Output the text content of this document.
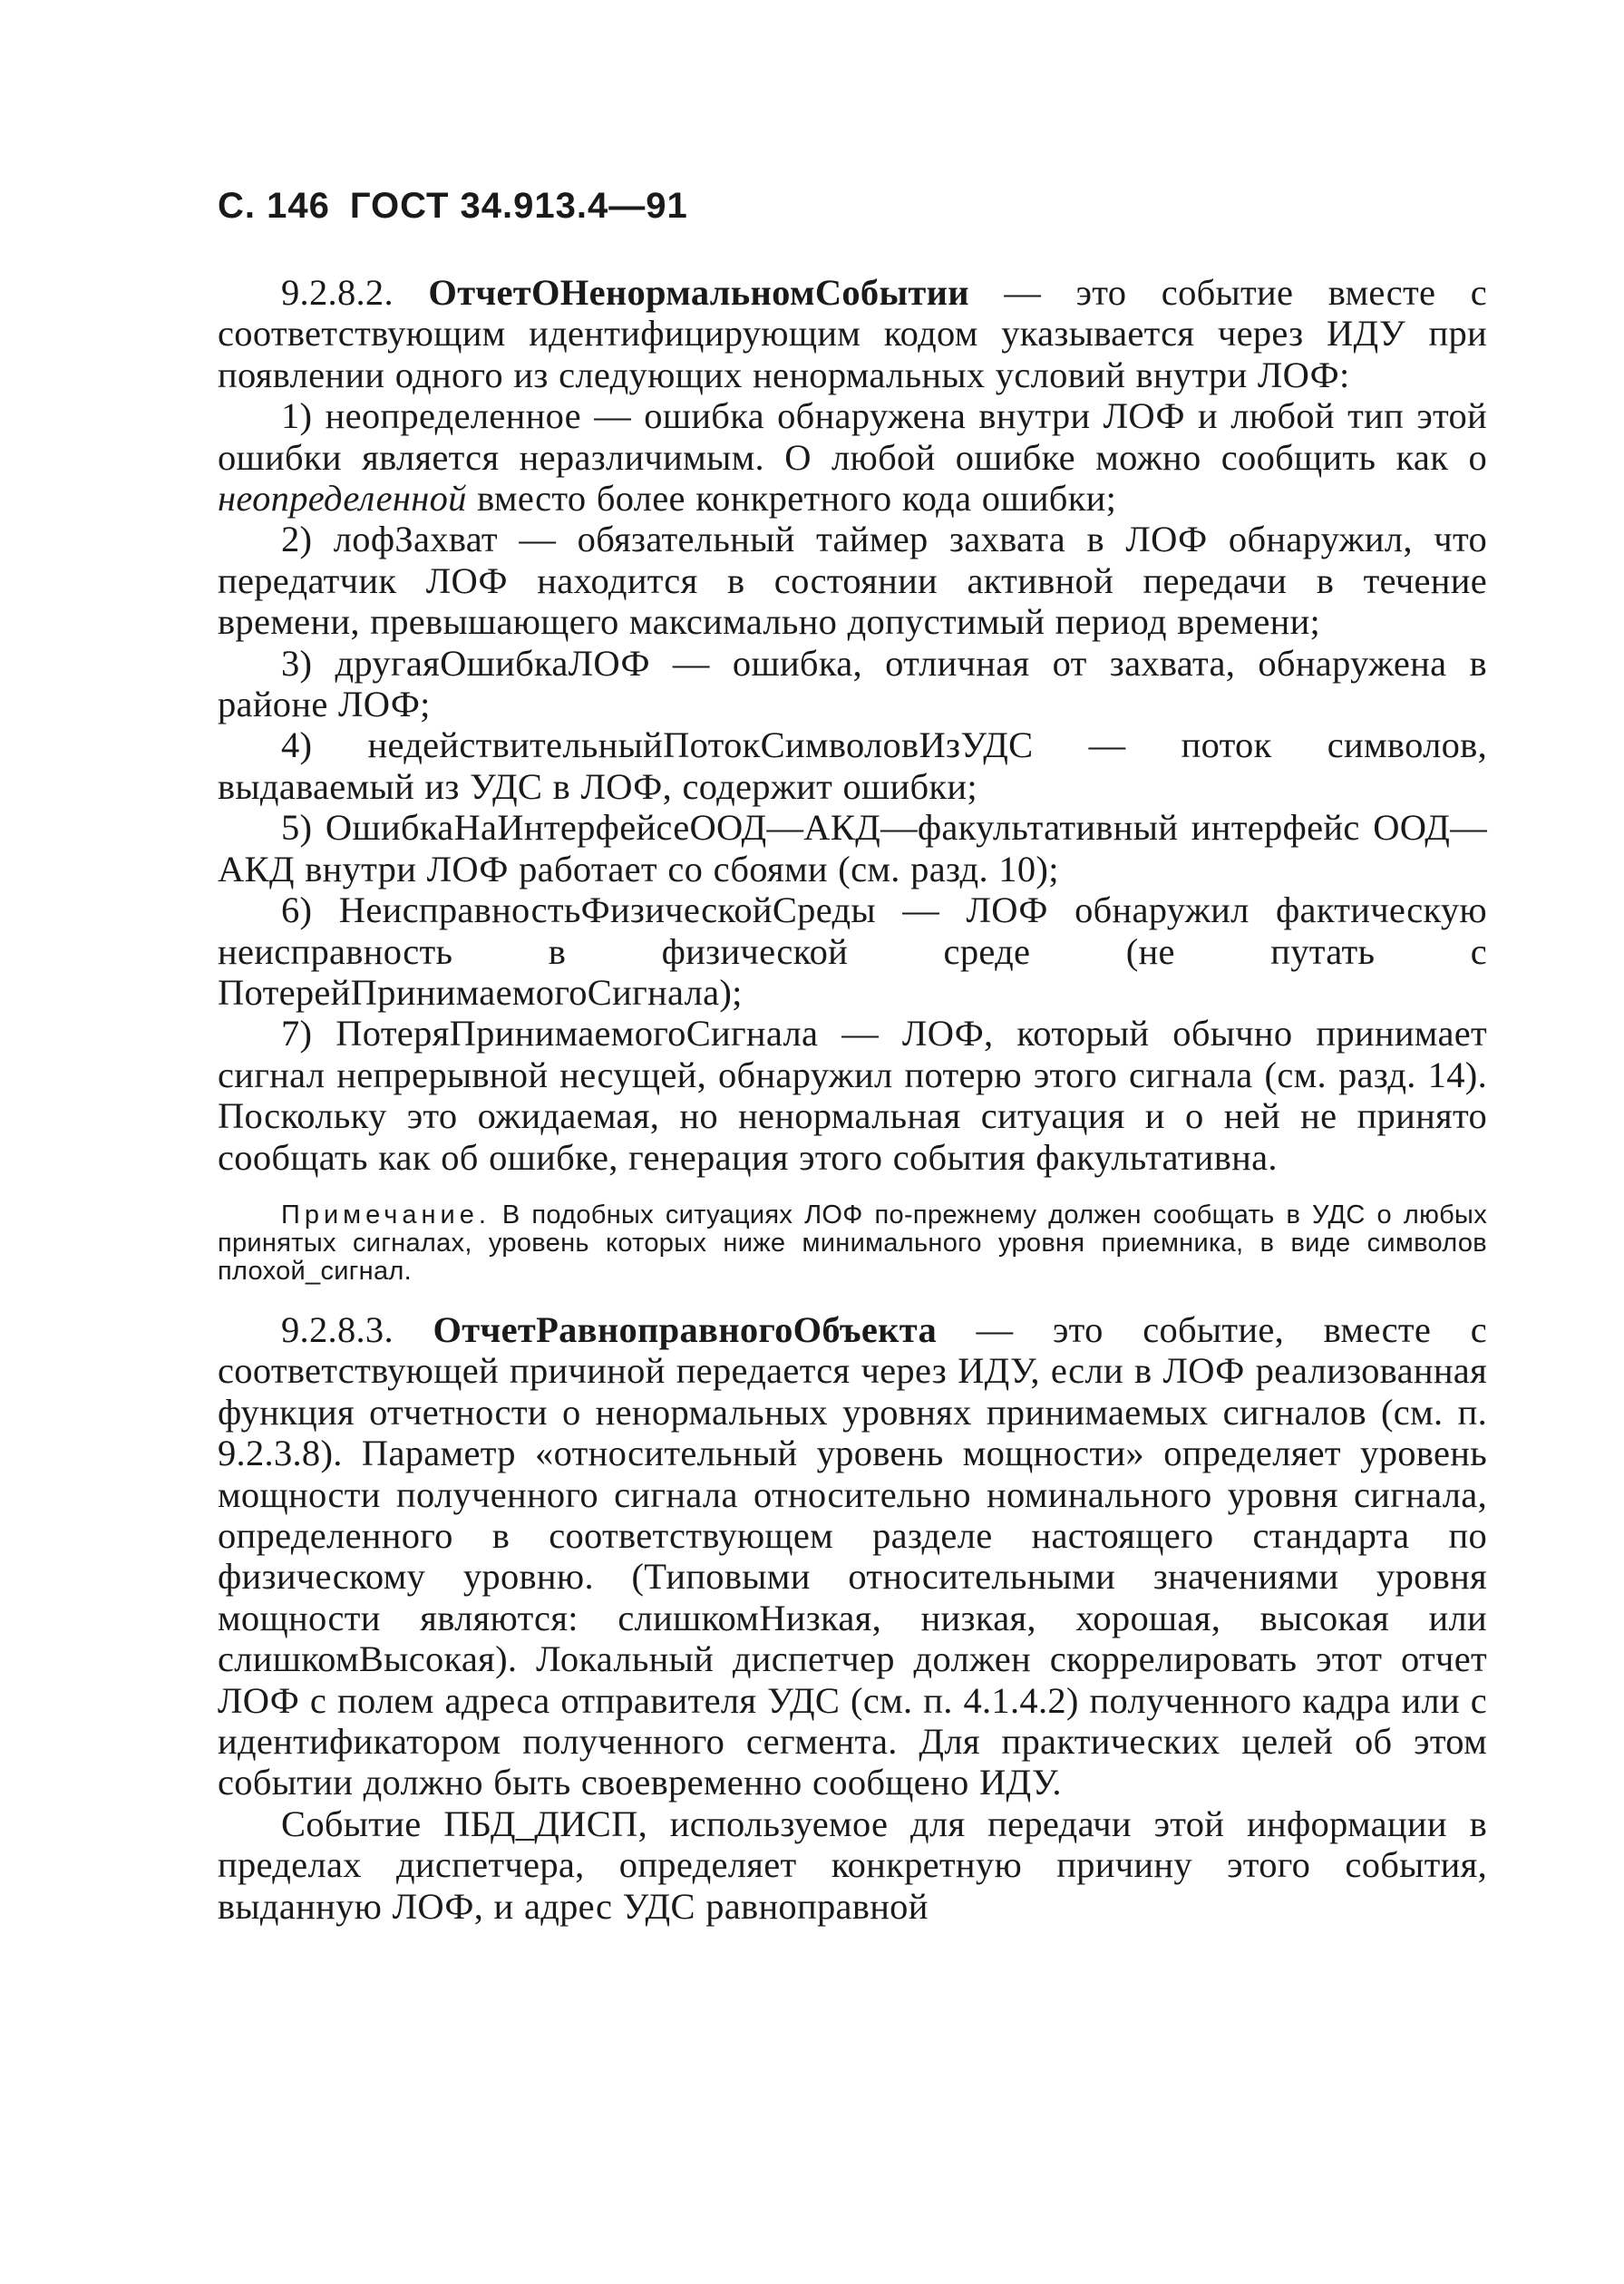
С. 146 ГОСТ 34.913.4—91

9.2.8.2. ОтчетОНенормальномСобытии — это событие вместе с соответствующим идентифицирующим кодом указывается через ИДУ при появлении одного из следующих ненормальных условий внутри ЛОФ:

1) неопределенное — ошибка обнаружена внутри ЛОФ и любой тип этой ошибки является неразличимым. О любой ошибке можно сообщить как о неопределенной вместо более конкретного кода ошибки;

2) лофЗахват — обязательный таймер захвата в ЛОФ обнаружил, что передатчик ЛОФ находится в состоянии активной передачи в течение времени, превышающего максимально допустимый период времени;

3) другаяОшибкаЛОФ — ошибка, отличная от захвата, обнаружена в районе ЛОФ;

4) недействительныйПотокСимволовИзУДС — поток символов, выдаваемый из УДС в ЛОФ, содержит ошибки;

5) ОшибкаНаИнтерфейсеООД—АКД—факультативный интерфейс ООД—АКД внутри ЛОФ работает со сбоями (см. разд. 10);

6) НеисправностьФизическойСреды — ЛОФ обнаружил фактическую неисправность в физической среде (не путать с ПотерейПринимаемогоСигнала);

7) ПотеряПринимаемогоСигнала — ЛОФ, который обычно принимает сигнал непрерывной несущей, обнаружил потерю этого сигнала (см. разд. 14). Поскольку это ожидаемая, но ненормальная ситуация и о ней не принято сообщать как об ошибке, генерация этого события факультативна.

Примечание. В подобных ситуациях ЛОФ по-прежнему должен сообщать в УДС о любых принятых сигналах, уровень которых ниже минимального уровня приемника, в виде символов плохой_сигнал.

9.2.8.3. ОтчетРавноправногоОбъекта — это событие, вместе с соответствующей причиной передается через ИДУ, если в ЛОФ реализованная функция отчетности о ненормальных уровнях принимаемых сигналов (см. п. 9.2.3.8). Параметр «относительный уровень мощности» определяет уровень мощности полученного сигнала относительно номинального уровня сигнала, определенного в соответствующем разделе настоящего стандарта по физическому уровню. (Типовыми относительными значениями уровня мощности являются: слишкомНизкая, низкая, хорошая, высокая или слишкомВысокая). Локальный диспетчер должен скоррелировать этот отчет ЛОФ с полем адреса отправителя УДС (см. п. 4.1.4.2) полученного кадра или с идентификатором полученного сегмента. Для практических целей об этом событии должно быть своевременно сообщено ИДУ.

Событие ПБД_ДИСП, используемое для передачи этой информации в пределах диспетчера, определяет конкретную причину этого события, выданную ЛОФ, и адрес УДС равноправной
